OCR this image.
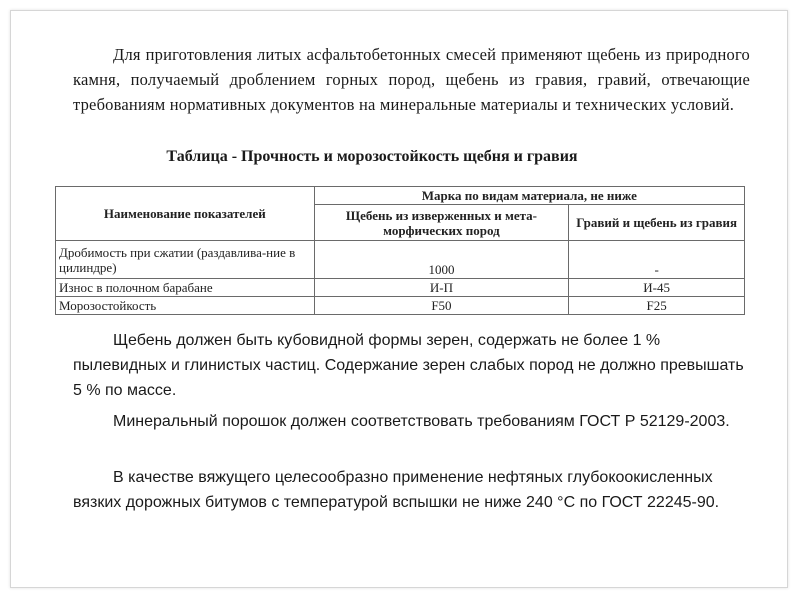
Для приготовления литых асфальтобетонных смесей применяют щебень из природного камня, получаемый дроблением горных пород, щебень из гравия, гравий, отвечающие требованиям нормативных документов на минеральные материалы и технических условий.
Таблица - Прочность и морозостойкость щебня и гравия
Наименование показателей	Марка по видам материала, не ниже	
	Щебень из изверженных и мета-морфических пород	Гравий и щебень из гравия
Дробимость при сжатии (раздавлива-ние в цилиндре)	1000	-
Износ в полочном барабане	И-П	И-45
Морозостойкость	F50	F25
Щебень должен быть кубовидной формы зерен, содержать не более 1 % пылевидных и глинистых частиц. Содержание зерен слабых пород не должно превышать 5 % по массе.
Минеральный порошок должен соответствовать требованиям ГОСТ Р 52129-2003.
В качестве вяжущего целесообразно применение нефтяных глубокоокисленных вязких дорожных битумов с температурой вспышки не ниже 240 °С по ГОСТ 22245-90.
